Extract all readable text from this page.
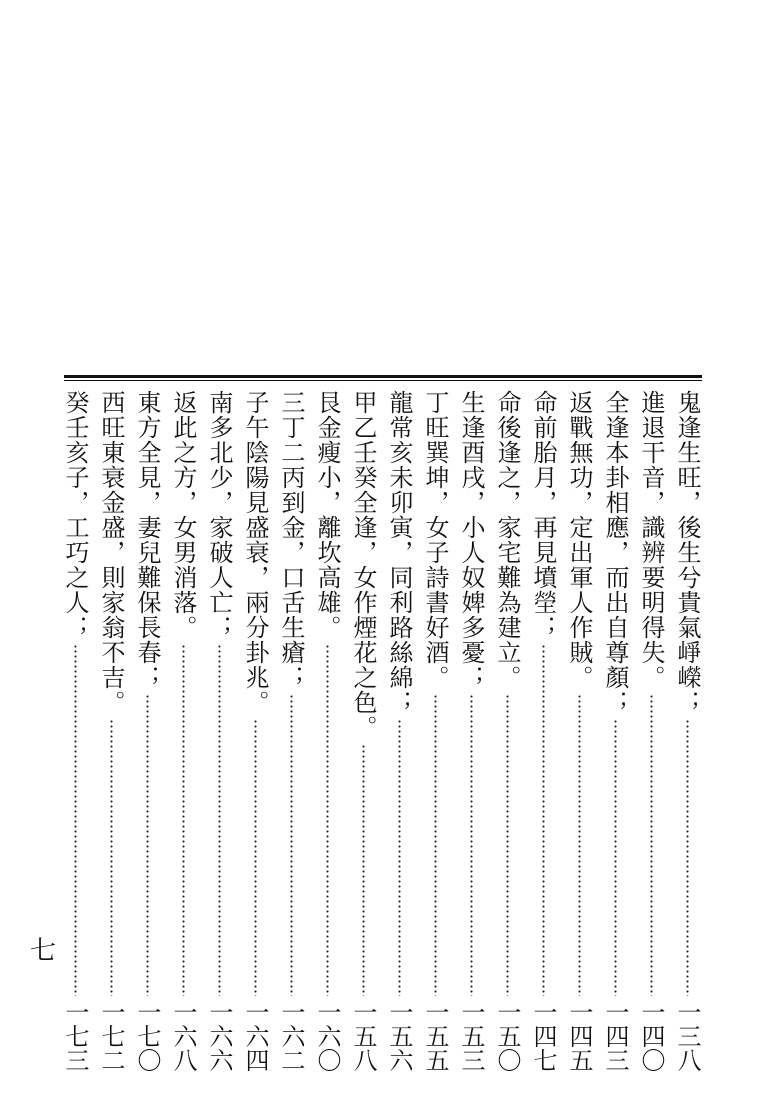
鬼逢生旺，後生兮貴氣崢嶸；
一三八
進退干音，識辨要明得失。
一四〇
全逢本卦相應，而出自尊顏；
一四三
返戰無功，定出軍人作賊。
一四五
命前胎月，再見墳塋；
一四七
命後逢之，家宅難為建立。
一五〇
生逢酉戌，小人奴婢多憂；
一五三
丁旺巽坤，女子詩書好酒。
一五五
龍常亥未卯寅，同利路絲綿；
一五六
甲乙壬癸全逢，女作煙花之色。
一五八
艮金瘦小，離坎高雄。
一六〇
三丁二丙到金，口舌生瘡；
一六二
子午陰陽見盛衰，兩分卦兆。
一六四
南多北少，家破人亡；
一六六
返此之方，女男消落。
一六八
東方全見，妻兒難保長春；
一七〇
西旺東衰金盛，則家翁不吉。
一七二
癸壬亥子，工巧之人；
一七三
七
